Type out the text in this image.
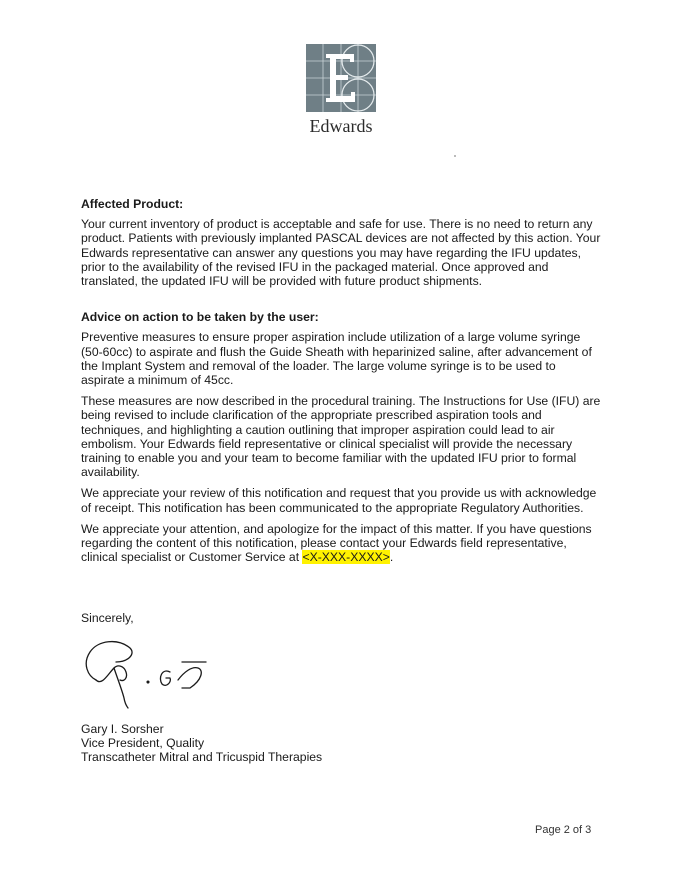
Edwards
Affected Product:

Your current inventory of product is acceptable and safe for use. There is no need to return any product. Patients with previously implanted PASCAL devices are not affected by this action. Your Edwards representative can answer any questions you may have regarding the IFU updates, prior to the availability of the revised IFU in the packaged material. Once approved and translated, the updated IFU will be provided with future product shipments.

Advice on action to be taken by the user:

Preventive measures to ensure proper aspiration include utilization of a large volume syringe (50-60cc) to aspirate and flush the Guide Sheath with heparinized saline, after advancement of the Implant System and removal of the loader. The large volume syringe is to be used to aspirate a minimum of 45cc.

These measures are now described in the procedural training. The Instructions for Use (IFU) are being revised to include clarification of the appropriate prescribed aspiration tools and techniques, and highlighting a caution outlining that improper aspiration could lead to air embolism. Your Edwards field representative or clinical specialist will provide the necessary training to enable you and your team to become familiar with the updated IFU prior to formal availability.

We appreciate your review of this notification and request that you provide us with acknowledge of receipt. This notification has been communicated to the appropriate Regulatory Authorities.

We appreciate your attention, and apologize for the impact of this matter. If you have questions regarding the content of this notification, please contact your Edwards field representative, clinical specialist or Customer Service at <X-XXX-XXXX>.

Sincerely,
Gary I. Sorsher
Vice President, Quality
Transcatheter Mitral and Tricuspid Therapies
Page 2 of 3
